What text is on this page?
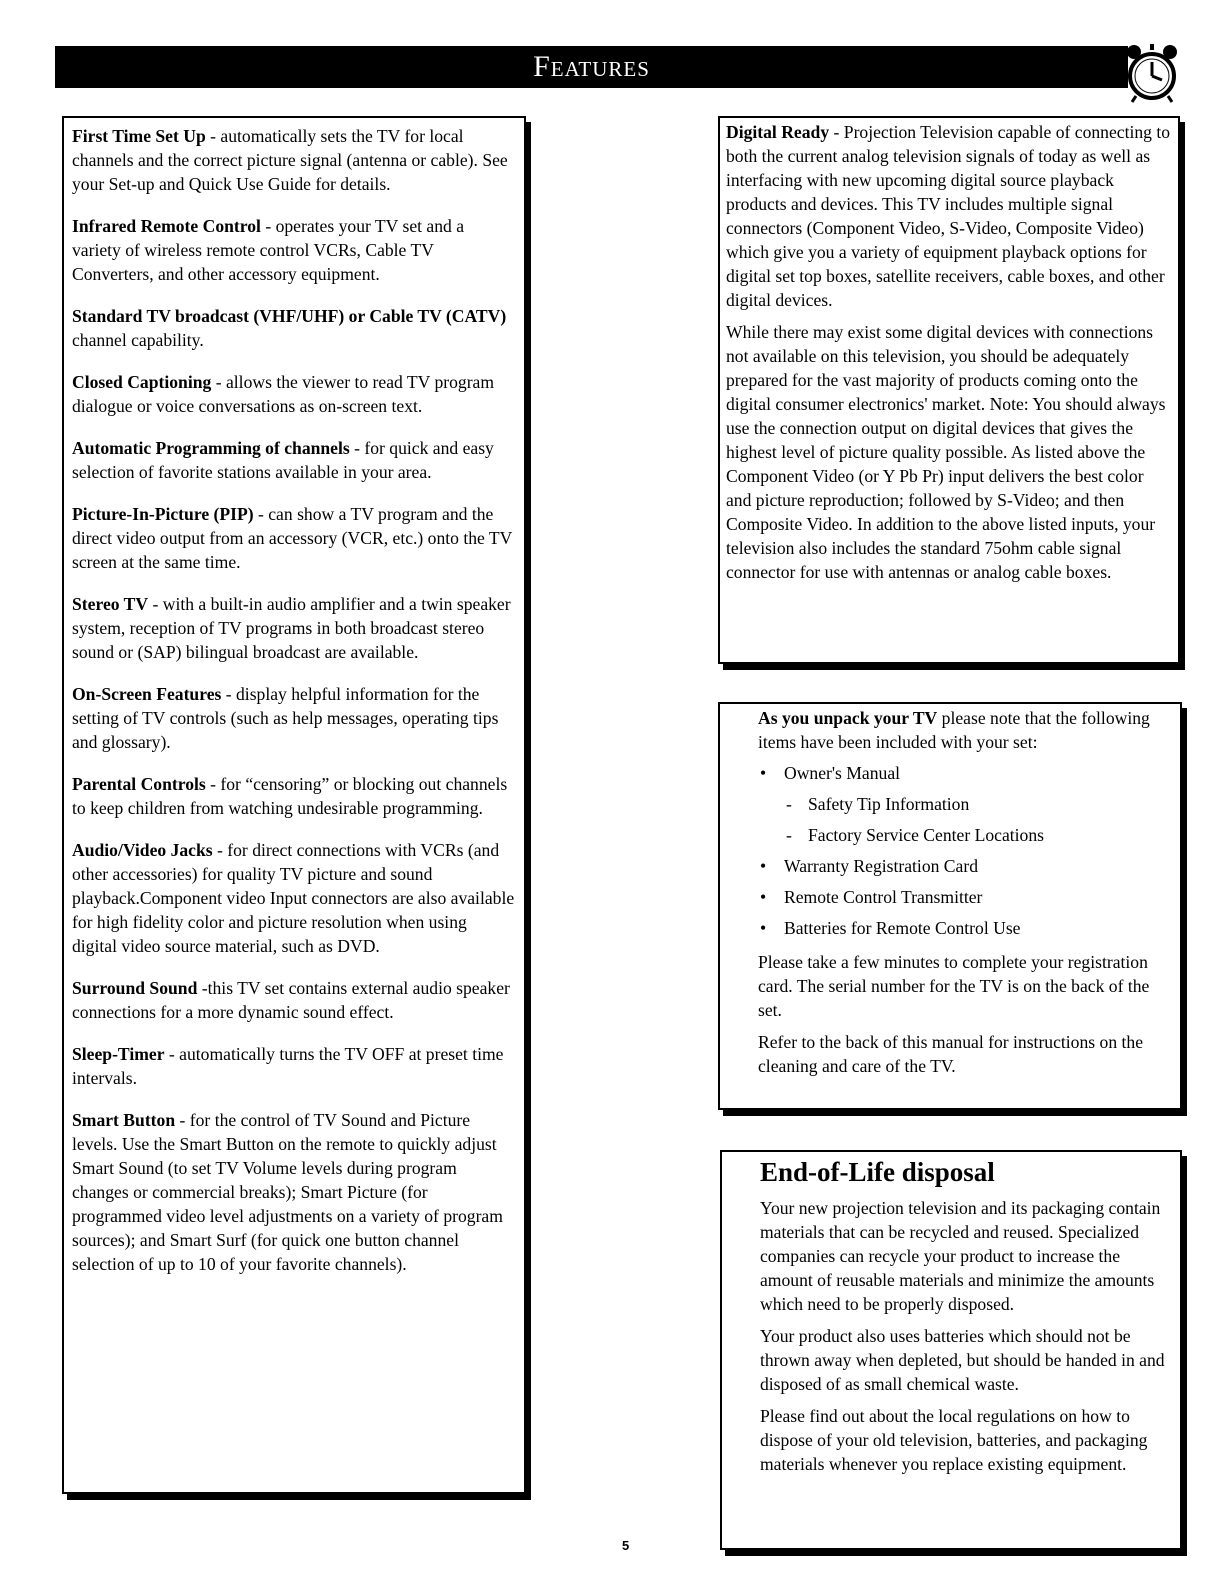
Features

First Time Set Up - automatically sets the TV for local channels and the correct picture signal (antenna or cable). See your Set-up and Quick Use Guide for details.

Infrared Remote Control - operates your TV set and a variety of wireless remote control VCRs, Cable TV Converters, and other accessory equipment.

Standard TV broadcast (VHF/UHF) or Cable TV (CATV) channel capability.

Closed Captioning - allows the viewer to read TV program dialogue or voice conversations as on-screen text.

Automatic Programming of channels - for quick and easy selection of favorite stations available in your area.

Picture-In-Picture (PIP) - can show a TV program and the direct video output from an accessory (VCR, etc.) onto the TV screen at the same time.

Stereo TV - with a built-in audio amplifier and a twin speaker system, reception of TV programs in both broadcast stereo sound or (SAP) bilingual broadcast are available.

On-Screen Features - display helpful information for the setting of TV controls (such as help messages, operating tips and glossary).

Parental Controls - for “censoring” or blocking out channels to keep children from watching undesirable programming.

Audio/Video Jacks - for direct connections with VCRs (and other accessories) for quality TV picture and sound playback.Component video Input connectors are also available for high fidelity color and picture resolution when using digital video source material, such as DVD.

Surround Sound -this TV set contains external audio speaker connections for a more dynamic sound effect.

Sleep-Timer - automatically turns the TV OFF at preset time intervals.

Smart Button - for the control of TV Sound and Picture levels. Use the Smart Button on the remote to quickly adjust Smart Sound (to set TV Volume levels during program changes or commercial breaks); Smart Picture (for programmed video level adjustments on a variety of program sources); and Smart Surf (for quick one button channel selection of up to 10 of your favorite channels).

Digital Ready - Projection Television capable of connecting to both the current analog television signals of today as well as interfacing with new upcoming digital source playback products and devices. This TV includes multiple signal connectors (Component Video, S-Video, Composite Video) which give you a variety of equipment playback options for digital set top boxes, satellite receivers, cable boxes, and other digital devices.

While there may exist some digital devices with connections not available on this television, you should be adequately prepared for the vast majority of products coming onto the digital consumer electronics' market. Note: You should always use the connection output on digital devices that gives the highest level of picture quality possible. As listed above the Component Video (or Y Pb Pr) input delivers the best color and picture reproduction; followed by S-Video; and then Composite Video. In addition to the above listed inputs, your television also includes the standard 75ohm cable signal connector for use with antennas or analog cable boxes.

As you unpack your TV please note that the following items have been included with your set:

• Owner's Manual
- Safety Tip Information
- Factory Service Center Locations
• Warranty Registration Card
• Remote Control Transmitter
• Batteries for Remote Control Use

Please take a few minutes to complete your registration card. The serial number for the TV is on the back of the set.

Refer to the back of this manual for instructions on the cleaning and care of the TV.

End-of-Life disposal

Your new projection television and its packaging contain materials that can be recycled and reused. Specialized companies can recycle your product to increase the amount of reusable materials and minimize the amounts which need to be properly disposed.

Your product also uses batteries which should not be thrown away when depleted, but should be handed in and disposed of as small chemical waste.

Please find out about the local regulations on how to dispose of your old television, batteries, and packaging materials whenever you replace existing equipment.

5
